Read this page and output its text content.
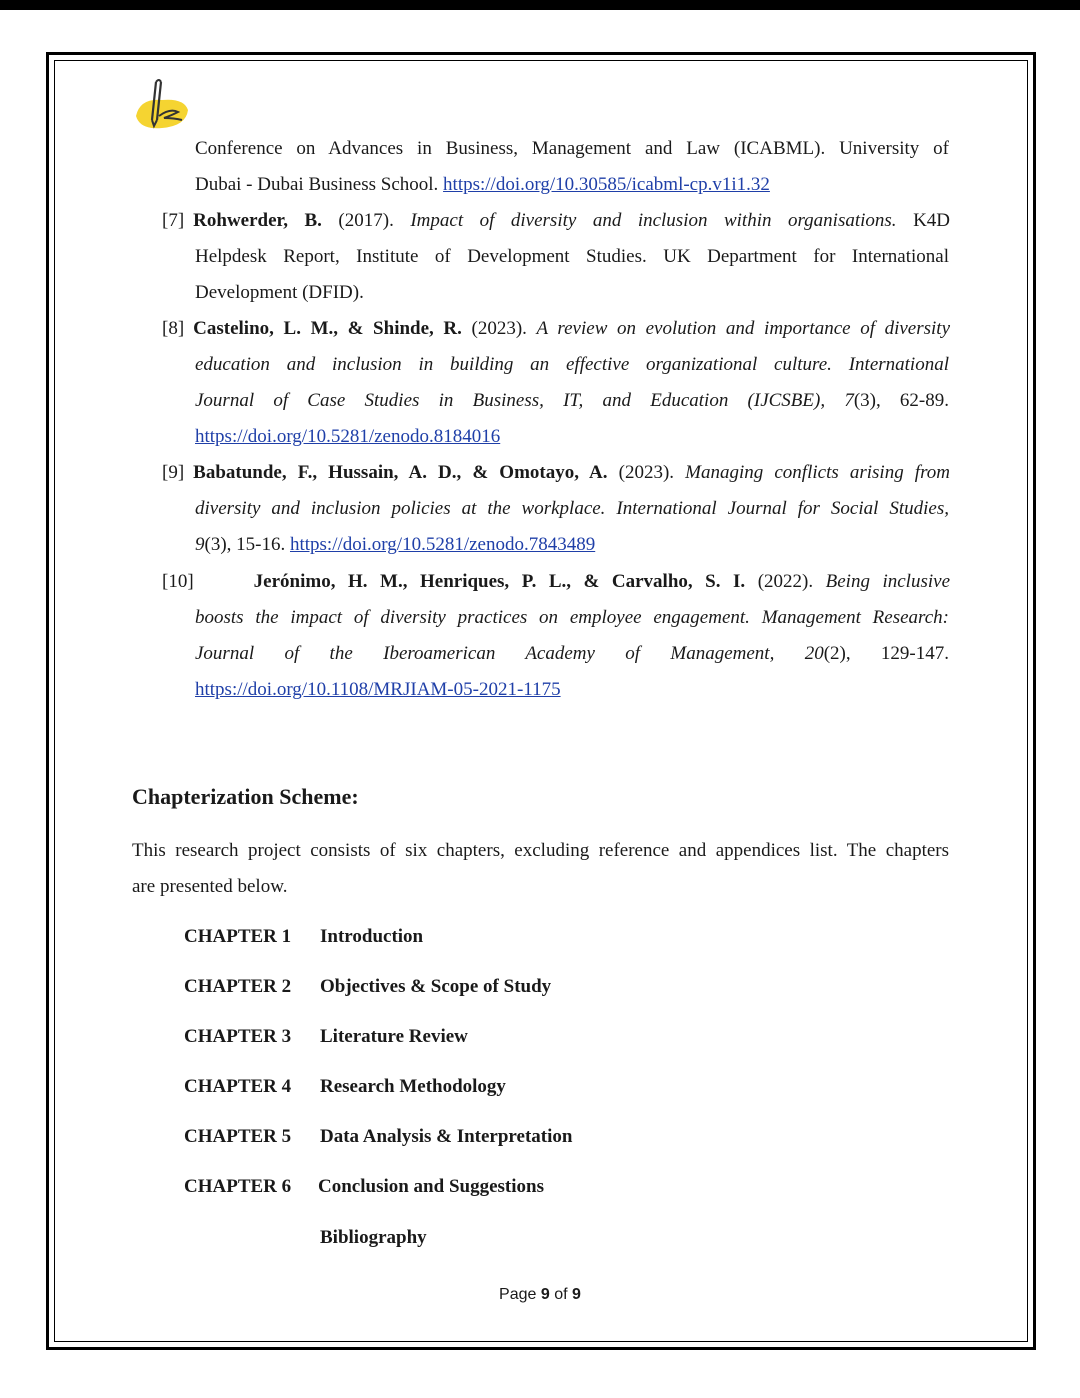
Conference on Advances in Business, Management and Law (ICABML). University of
Dubai - Dubai Business School. https://doi.org/10.30585/icabml-cp.v1i1.32
[7] Rohwerder, B. (2017). Impact of diversity and inclusion within organisations. K4D
Helpdesk Report, Institute of Development Studies. UK Department for International
Development (DFID).
[8] Castelino, L. M., & Shinde, R. (2023). A review on evolution and importance of diversity
education and inclusion in building an effective organizational culture. International
Journal of Case Studies in Business, IT, and Education (IJCSBE), 7(3), 62-89.
https://doi.org/10.5281/zenodo.8184016
[9] Babatunde, F., Hussain, A. D., & Omotayo, A. (2023). Managing conflicts arising from
diversity and inclusion policies at the workplace. International Journal for Social Studies,
9(3), 15-16. https://doi.org/10.5281/zenodo.7843489
[10]	Jerónimo, H. M., Henriques, P. L., & Carvalho, S. I. (2022). Being inclusive
boosts the impact of diversity practices on employee engagement. Management Research:
Journal of the Iberoamerican Academy of Management, 20(2), 129-147.
https://doi.org/10.1108/MRJIAM-05-2021-1175
Chapterization Scheme:
This research project consists of six chapters, excluding reference and appendices list. The chapters
are presented below.
CHAPTER 1 Introduction
CHAPTER 2 Objectives & Scope of Study
CHAPTER 3 Literature Review
CHAPTER 4 Research Methodology
CHAPTER 5 Data Analysis & Interpretation
CHAPTER 6 Conclusion and Suggestions
Bibliography
Page 9 of 9
